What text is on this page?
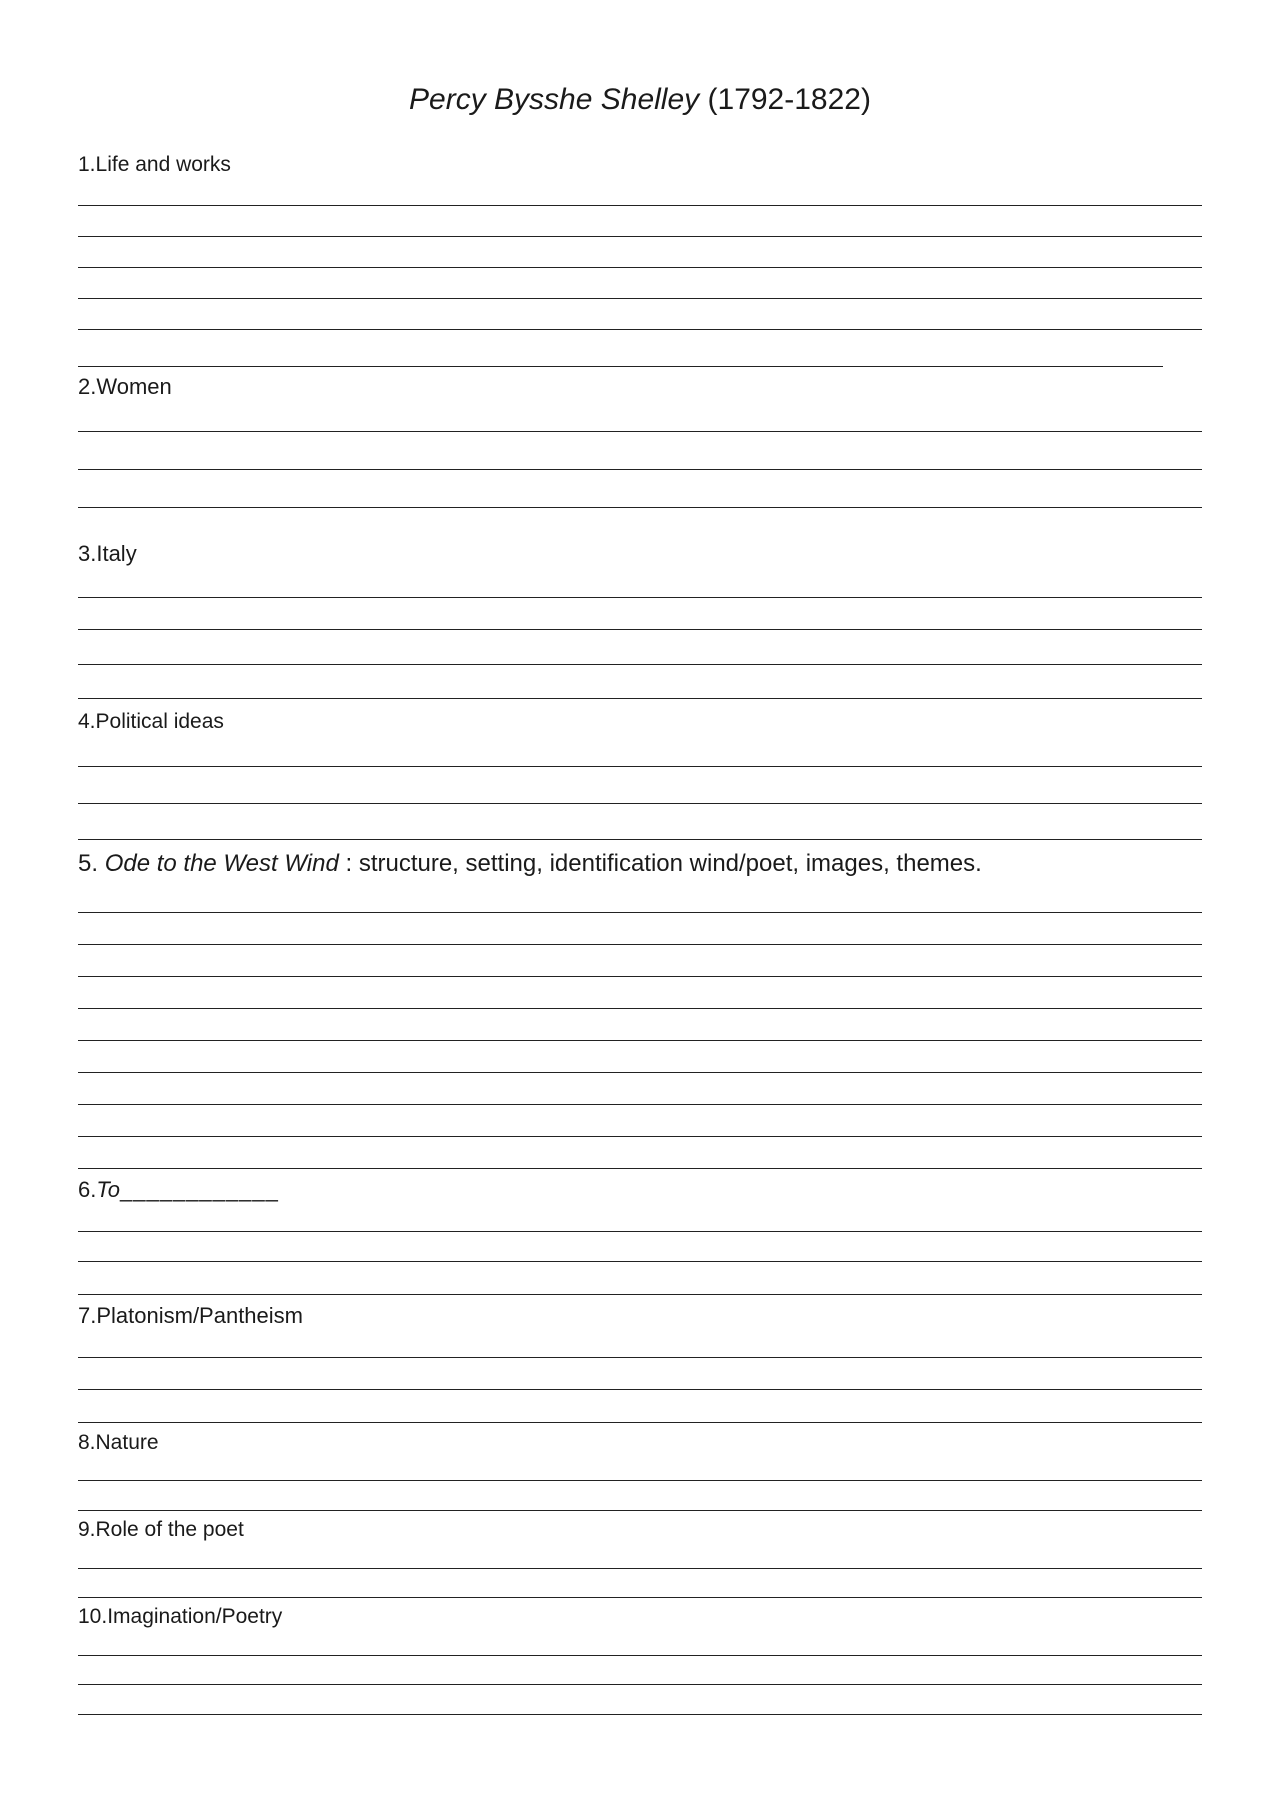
Percy Bysshe Shelley (1792-1822)
1.Life and works
2.Women
3.Italy
4.Political ideas
5. Ode to the West Wind : structure, setting, identification wind/poet, images, themes.
6.To____________
7.Platonism/Pantheism
8.Nature
9.Role of the poet
10.Imagination/Poetry
